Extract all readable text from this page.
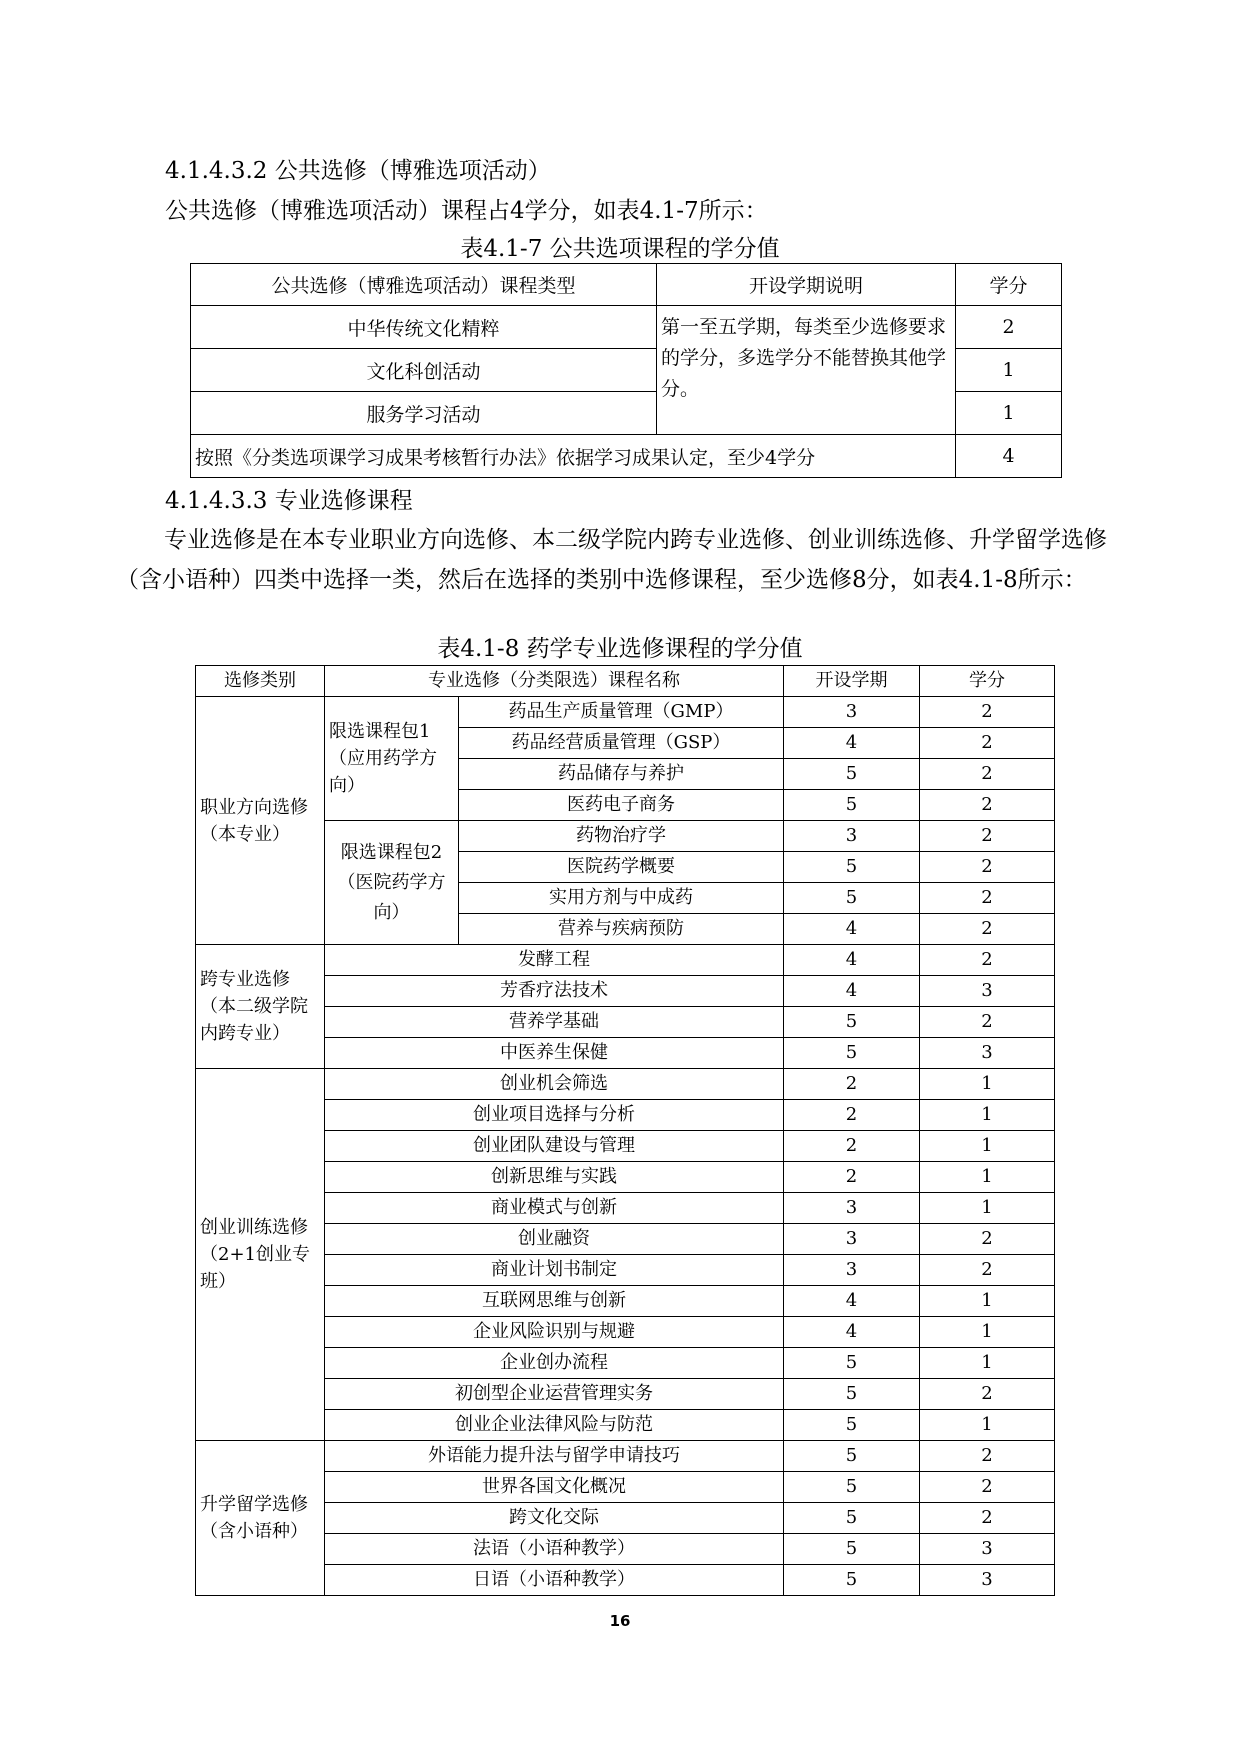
4.1.4.3.2 公共选修（博雅选项活动）
公共选修（博雅选项活动）课程占4学分，如表4.1-7所示：
表4.1-7 公共选项课程的学分值
公共选修（博雅选项活动）课程类型	开设学期说明	学分
中华传统文化精粹	第一至五学期，每类至少选修要求的学分，多选学分不能替换其他学分。	2
文化科创活动		1
服务学习活动		1
按照《分类选项课学习成果考核暂行办法》依据学习成果认定，至少4学分		4
4.1.4.3.3 专业选修课程
专业选修是在本专业职业方向选修、本二级学院内跨专业选修、创业训练选修、升学留学选修（含小语种）四类中选择一类，然后在选择的类别中选修课程，至少选修8分，如表4.1-8所示：
表4.1-8 药学专业选修课程的学分值
选修类别	专业选修（分类限选）课程名称		开设学期	学分
职业方向选修（本专业）	限选课程包1（应用药学方向）	药品生产质量管理（GMP）	3	2
		药品经营质量管理（GSP）	4	2
		药品储存与养护	5	2
		医药电子商务	5	2
	限选课程包2（医院药学方向）	药物治疗学	3	2
		医院药学概要	5	2
		实用方剂与中成药	5	2
		营养与疾病预防	4	2
跨专业选修（本二级学院内跨专业）	发酵工程		4	2
	芳香疗法技术		4	3
	营养学基础		5	2
	中医养生保健		5	3
创业训练选修（2+1创业专班）	创业机会筛选		2	1
	创业项目选择与分析		2	1
	创业团队建设与管理		2	1
	创新思维与实践		2	1
	商业模式与创新		3	1
	创业融资		3	2
	商业计划书制定		3	2
	互联网思维与创新		4	1
	企业风险识别与规避		4	1
	企业创办流程		5	1
	初创型企业运营管理实务		5	2
	创业企业法律风险与防范		5	1
升学留学选修（含小语种）	外语能力提升法与留学申请技巧		5	2
	世界各国文化概况		5	2
	跨文化交际		5	2
	法语（小语种教学）		5	3
	日语（小语种教学）		5	3
16
